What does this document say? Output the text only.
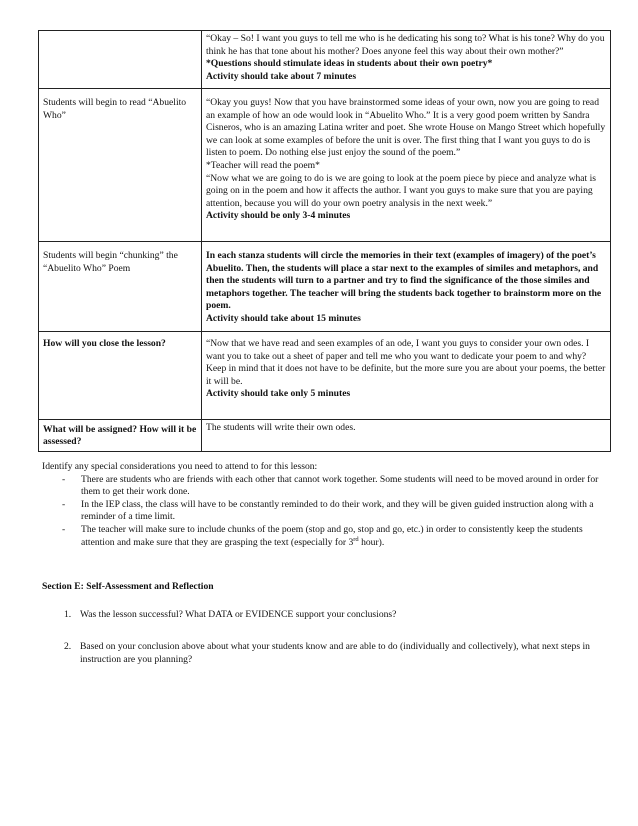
	“Okay – So! I want you guys to tell me who is he dedicating his song to? What is his tone? Why do you think he has that tone about his mother? Does anyone feel this way about their own mother?” *Questions should stimulate ideas in students about their own poetry*
Activity should take about 7 minutes

Students will begin to read “Abuelito Who”	“Okay you guys! Now that you have brainstormed some ideas of your own, now you are going to read an example of how an ode would look in “Abuelito Who.” It is a very good poem written by Sandra Cisneros, who is an amazing Latina writer and poet. She wrote House on Mango Street which hopefully we can look at some examples of before the unit is over. The first thing that I want you guys to do is listen to poem. Do nothing else just enjoy the sound of the poem.”
*Teacher will read the poem*
“Now what we are going to do is we are going to look at the poem piece by piece and analyze what is going on in the poem and how it affects the author. I want you guys to make sure that you are paying attention, because you will do your own poetry analysis in the next week.”
Activity should be only 3-4 minutes

Students will begin “chunking” the “Abuelito Who” Poem	In each stanza students will circle the memories in their text (examples of imagery) of the poet’s Abuelito. Then, the students will place a star next to the examples of similes and metaphors, and then the students will turn to a partner and try to find the significance of the those similes and metaphors together. The teacher will bring the students back together to brainstorm more on the poem.
Activity should take about 15 minutes

How will you close the lesson?	“Now that we have read and seen examples of an ode, I want you guys to consider your own odes. I want you to take out a sheet of paper and tell me who you want to dedicate your poem to and why? Keep in mind that it does not have to be definite, but the more sure you are about your poems, the better it will be.
Activity should take only 5 minutes

What will be assigned? How will it be assessed?	The students will write their own odes.
Identify any special considerations you need to attend to for this lesson:
- There are students who are friends with each other that cannot work together. Some students will need to be moved around in order for them to get their work done.
- In the IEP class, the class will have to be constantly reminded to do their work, and they will be given guided instruction along with a reminder of a time limit.
- The teacher will make sure to include chunks of the poem (stop and go, stop and go, etc.) in order to consistently keep the students attention and make sure that they are grasping the text (especially for 3rd hour).
Section E: Self-Assessment and Reflection
1. Was the lesson successful? What DATA or EVIDENCE support your conclusions?
2. Based on your conclusion above about what your students know and are able to do (individually and collectively), what next steps in instruction are you planning?
